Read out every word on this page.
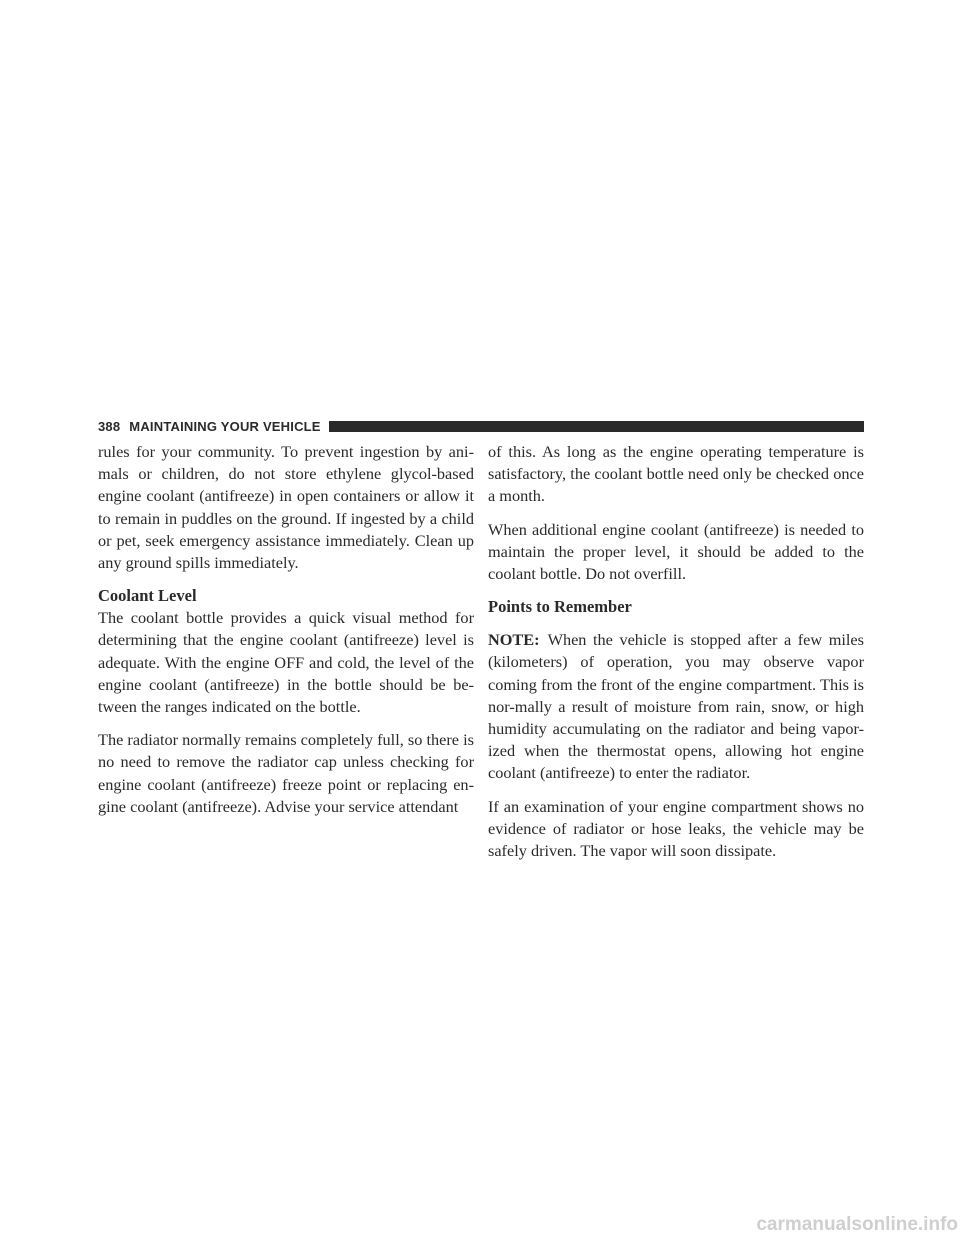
388 MAINTAINING YOUR VEHICLE

rules for your community. To prevent ingestion by ani-mals or children, do not store ethylene glycol-based engine coolant (antifreeze) in open containers or allow it to remain in puddles on the ground. If ingested by a child or pet, seek emergency assistance immediately. Clean up any ground spills immediately.

Coolant Level

The coolant bottle provides a quick visual method for determining that the engine coolant (antifreeze) level is adequate. With the engine OFF and cold, the level of the engine coolant (antifreeze) in the bottle should be be-tween the ranges indicated on the bottle.

The radiator normally remains completely full, so there is no need to remove the radiator cap unless checking for engine coolant (antifreeze) freeze point or replacing en-gine coolant (antifreeze). Advise your service attendant

of this. As long as the engine operating temperature is satisfactory, the coolant bottle need only be checked once a month.

When additional engine coolant (antifreeze) is needed to maintain the proper level, it should be added to the coolant bottle. Do not overfill.

Points to Remember

NOTE: When the vehicle is stopped after a few miles (kilometers) of operation, you may observe vapor coming from the front of the engine compartment. This is nor-mally a result of moisture from rain, snow, or high humidity accumulating on the radiator and being vapor-ized when the thermostat opens, allowing hot engine coolant (antifreeze) to enter the radiator.

If an examination of your engine compartment shows no evidence of radiator or hose leaks, the vehicle may be safely driven. The vapor will soon dissipate.

carmanualsonline.info
